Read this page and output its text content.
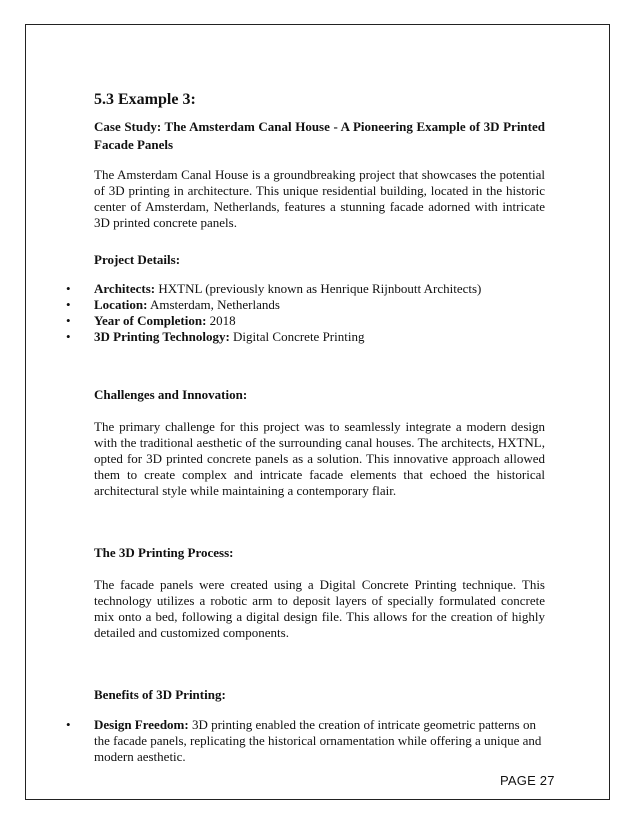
5.3 Example 3:
Case Study: The Amsterdam Canal House - A Pioneering Example of 3D Printed Facade Panels

The Amsterdam Canal House is a groundbreaking project that showcases the potential of 3D printing in architecture. This unique residential building, located in the historic center of Amsterdam, Netherlands, features a stunning facade adorned with intricate 3D printed concrete panels.

Project Details:
• Architects: HXTNL (previously known as Henrique Rijnboutt Architects)
• Location: Amsterdam, Netherlands
• Year of Completion: 2018
• 3D Printing Technology: Digital Concrete Printing
Challenges and Innovation:

The primary challenge for this project was to seamlessly integrate a modern design with the traditional aesthetic of the surrounding canal houses. The architects, HXTNL, opted for 3D printed concrete panels as a solution. This innovative approach allowed them to create complex and intricate facade elements that echoed the historical architectural style while maintaining a contemporary flair.

The 3D Printing Process:

The facade panels were created using a Digital Concrete Printing technique. This technology utilizes a robotic arm to deposit layers of specially formulated concrete mix onto a bed, following a digital design file. This allows for the creation of highly detailed and customized components.

Benefits of 3D Printing:
• Design Freedom: 3D printing enabled the creation of intricate geometric patterns on the facade panels, replicating the historical ornamentation while offering a unique and modern aesthetic.
PAGE 27
